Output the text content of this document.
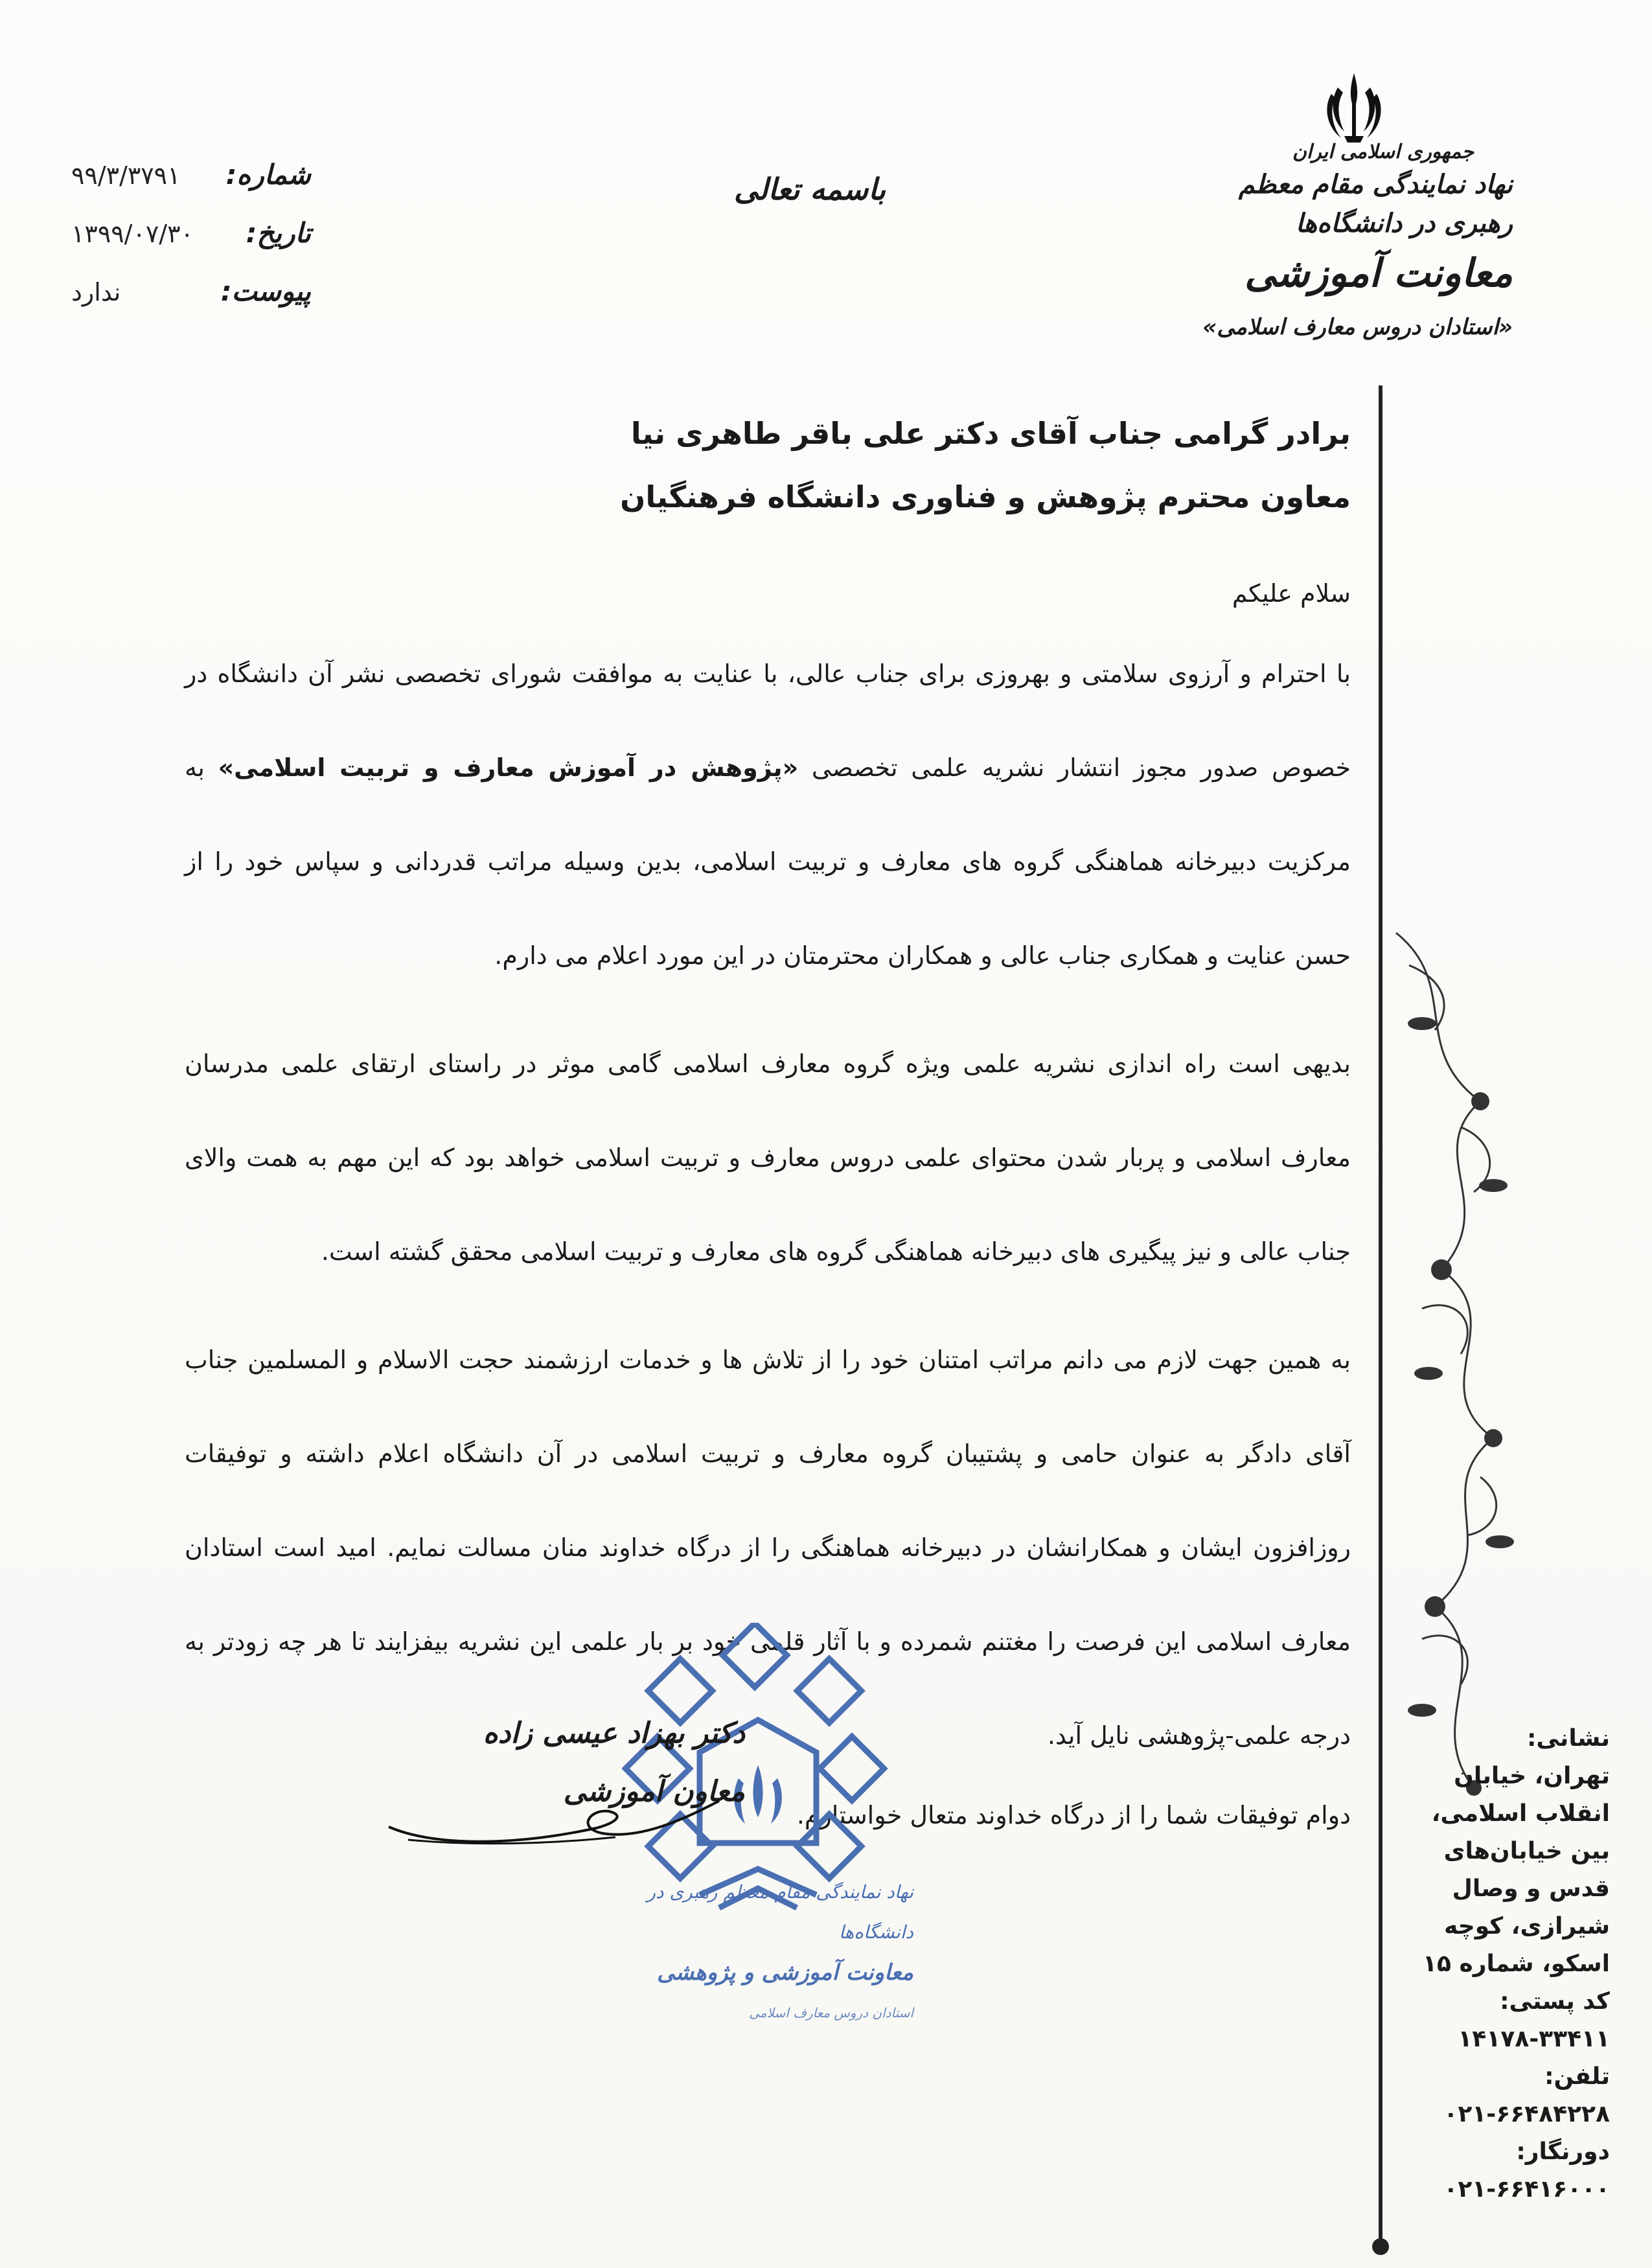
جمهوری اسلامی ایران
نهاد نمایندگی مقام معظم رهبری در دانشگاه‌ها
معاونت آموزشی
«استادان دروس معارف اسلامی»
باسمه تعالی
شماره:
۹۹/۳/۳۷۹۱
تاریخ:
۱۳۹۹/۰۷/۳۰
پیوست:
ندارد
برادر گرامی جناب آقای دکتر علی باقر طاهری نیا
معاون محترم پژوهش و فناوری دانشگاه فرهنگیان
سلام علیکم
با احترام و آرزوی سلامتی و بهروزی برای جناب عالی، با عنایت به موافقت شورای تخصصی نشر آن دانشگاه در خصوص صدور مجوز انتشار نشریه علمی تخصصی «پژوهش در آموزش معارف و تربیت اسلامی» به مرکزیت دبیرخانه هماهنگی گروه های معارف و تربیت اسلامی، بدین وسیله مراتب قدردانی و سپاس خود را از حسن عنایت و همکاری جناب عالی و همکاران محترمتان در این مورد اعلام می دارم.
بدیهی است راه اندازی نشریه علمی ویژه گروه معارف اسلامی گامی موثر در راستای ارتقای علمی مدرسان معارف اسلامی و پربار شدن محتوای علمی دروس معارف و تربیت اسلامی خواهد بود که این مهم به همت والای جناب عالی و نیز پیگیری های دبیرخانه هماهنگی گروه های معارف و تربیت اسلامی محقق گشته است.
به همین جهت لازم می دانم مراتب امتنان خود را از تلاش ها و خدمات ارزشمند حجت الاسلام و المسلمین جناب آقای دادگر به عنوان حامی و پشتیبان گروه معارف و تربیت اسلامی در آن دانشگاه اعلام داشته و توفیقات روزافزون ایشان و همکارانشان در دبیرخانه هماهنگی را از درگاه خداوند منان مسالت نمایم. امید است استادان معارف اسلامی این فرصت را مغتنم شمرده و با آثار قلمی خود بر بار علمی این نشریه بیفزایند تا هر چه زودتر به درجه علمی-پژوهشی نایل آید.
دوام توفیقات شما را از درگاه خداوند متعال خواستارم.
نشانی:
تهران، خیابان انقلاب اسلامی، بین خیابان‌های قدس و وصال شیرازی، کوچه اسکو، شماره ۱۵
کد پستی:
۱۴۱۷۸-۳۳۴۱۱
تلفن:
۰۲۱-۶۶۴۸۴۲۲۸
دورنگار:
۰۲۱-۶۶۴۱۶۰۰۰
نهاد نمایندگی مقام معظم رهبری در دانشگاه‌ها
معاونت آموزشی و پژوهشی
استادان دروس معارف اسلامی
دکتر بهزاد عیسی زاده
معاون آموزشی
